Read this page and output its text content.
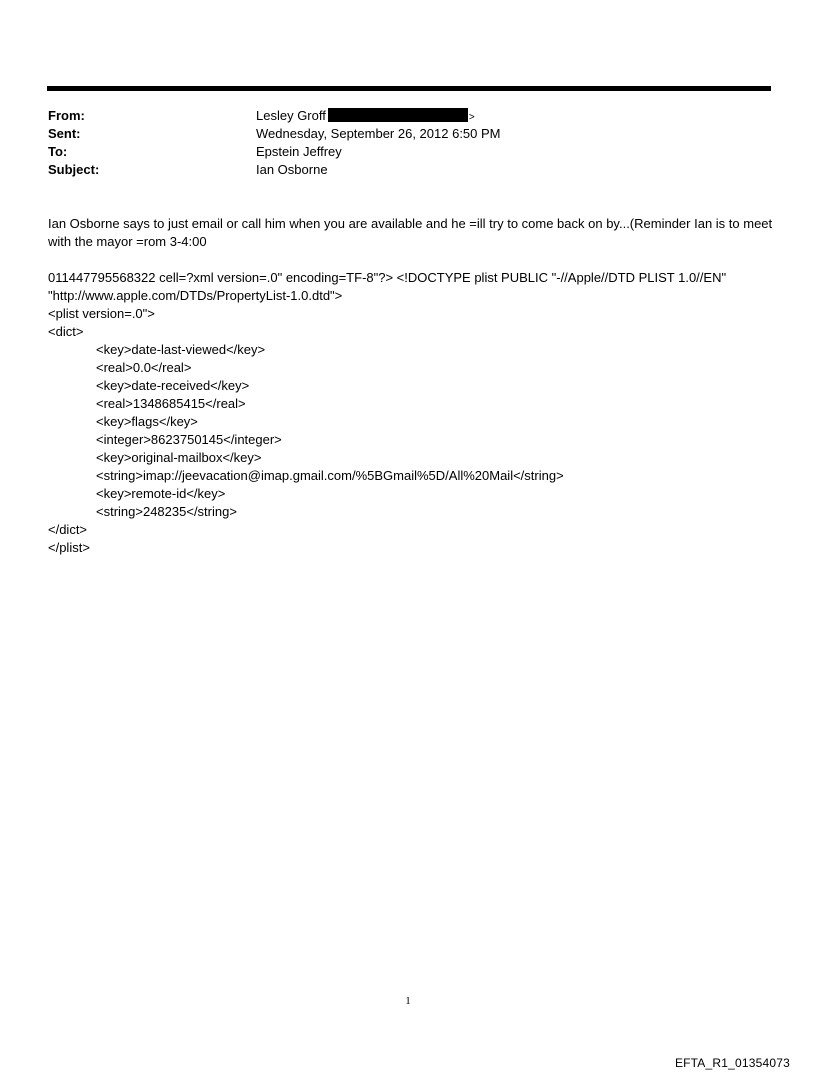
From:	Lesley Groff	>
Sent:	Wednesday, September 26, 2012 6:50 PM
To:	Epstein Jeffrey
Subject:	Ian Osborne

Ian Osborne says to just email or call him when you are available and he =ill try to come back on by...(Reminder Ian is to meet with the mayor =rom 3-4:00

011447795568322 cell=?xml version=.0" encoding=TF-8"?> <!DOCTYPE plist PUBLIC "-//Apple//DTD PLIST 1.0//EN"

"http://www.apple.com/DTDs/PropertyList-1.0.dtd">

<plist version=.0">

<dict>

<key>date-last-viewed</key>

<real>0.0</real>

<key>date-received</key>

<real>1348685415</real>

<key>flags</key>

<integer>8623750145</integer>

<key>original-mailbox</key>

<string>imap://jeevacation@imap.gmail.com/%5BGmail%5D/All%20Mail</string>

<key>remote-id</key>

<string>248235</string>

</dict>

</plist>

1
EFTA_R1_01354073
